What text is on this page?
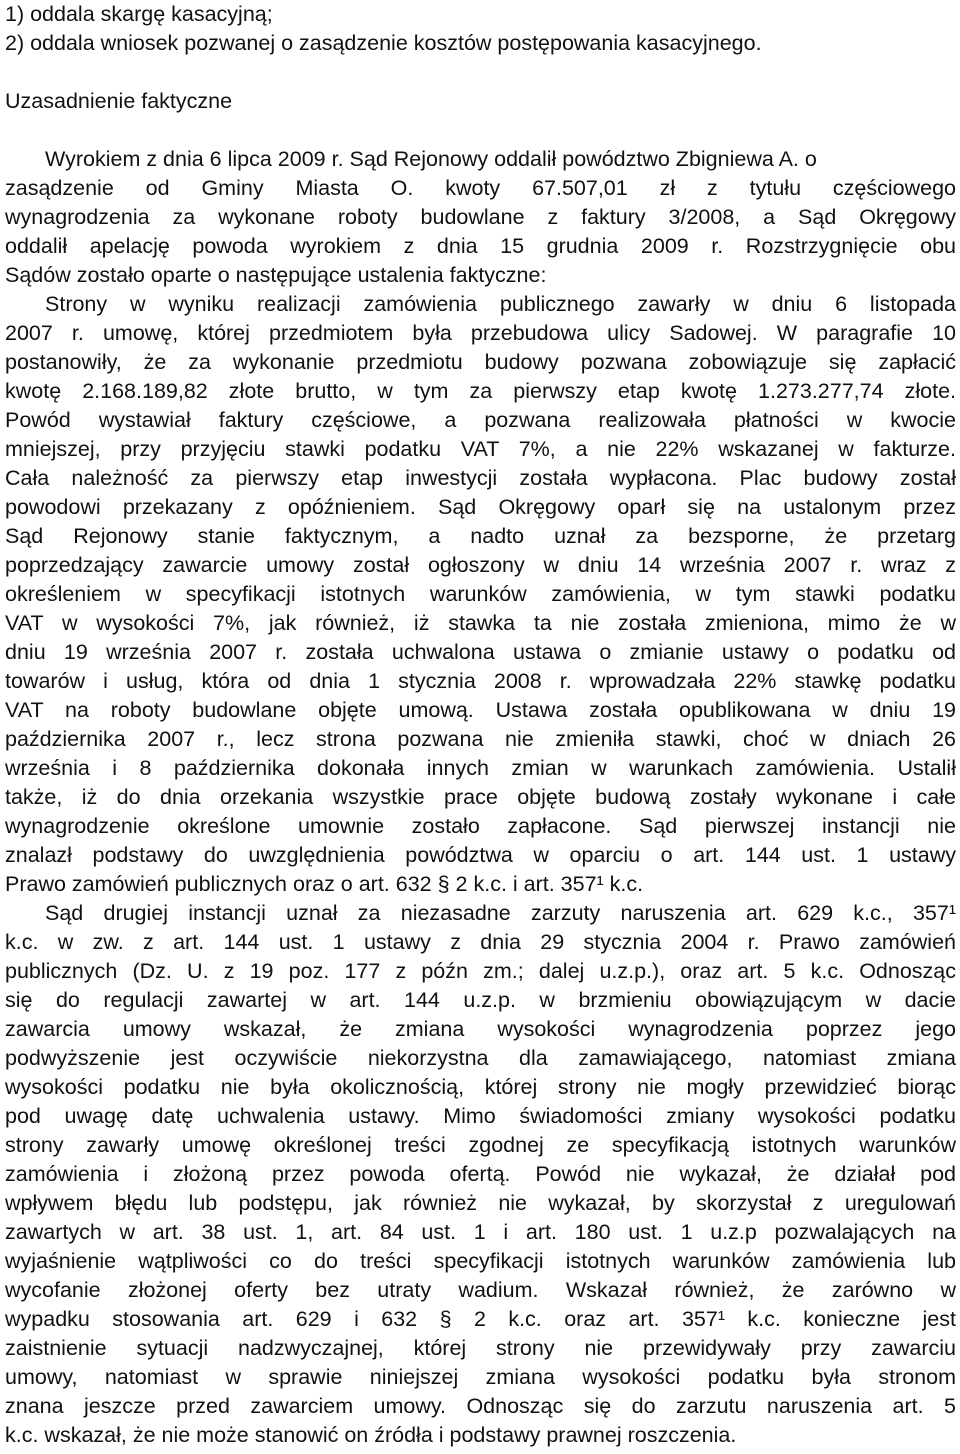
1) oddala skargę kasacyjną;
2) oddala wniosek pozwanej o zasądzenie kosztów postępowania kasacyjnego.
Uzasadnienie faktyczne
Wyrokiem z dnia 6 lipca 2009 r. Sąd Rejonowy oddalił powództwo Zbigniewa A. o
zasądzenie od Gminy Miasta O. kwoty 67.507,01 zł z tytułu częściowego
wynagrodzenia za wykonane roboty budowlane z faktury 3/2008, a Sąd Okręgowy
oddalił apelację powoda wyrokiem z dnia 15 grudnia 2009 r. Rozstrzygnięcie obu
Sądów zostało oparte o następujące ustalenia faktyczne:
Strony w wyniku realizacji zamówienia publicznego zawarły w dniu 6 listopada
2007 r. umowę, której przedmiotem była przebudowa ulicy Sadowej. W paragrafie 10
postanowiły, że za wykonanie przedmiotu budowy pozwana zobowiązuje się zapłacić
kwotę 2.168.189,82 złote brutto, w tym za pierwszy etap kwotę 1.273.277,74 złote.
Powód wystawiał faktury częściowe, a pozwana realizowała płatności w kwocie
mniejszej, przy przyjęciu stawki podatku VAT 7%, a nie 22% wskazanej w fakturze.
Cała należność za pierwszy etap inwestycji została wypłacona. Plac budowy został
powodowi przekazany z opóźnieniem. Sąd Okręgowy oparł się na ustalonym przez
Sąd Rejonowy stanie faktycznym, a nadto uznał za bezsporne, że przetarg
poprzedzający zawarcie umowy został ogłoszony w dniu 14 września 2007 r. wraz z
określeniem w specyfikacji istotnych warunków zamówienia, w tym stawki podatku
VAT w wysokości 7%, jak również, iż stawka ta nie została zmieniona, mimo że w
dniu 19 września 2007 r. została uchwalona ustawa o zmianie ustawy o podatku od
towarów i usług, która od dnia 1 stycznia 2008 r. wprowadzała 22% stawkę podatku
VAT na roboty budowlane objęte umową. Ustawa została opublikowana w dniu 19
października 2007 r., lecz strona pozwana nie zmieniła stawki, choć w dniach 26
września i 8 października dokonała innych zmian w warunkach zamówienia. Ustalił
także, iż do dnia orzekania wszystkie prace objęte budową zostały wykonane i całe
wynagrodzenie określone umownie zostało zapłacone. Sąd pierwszej instancji nie
znalazł podstawy do uwzględnienia powództwa w oparciu o art. 144 ust. 1 ustawy
Prawo zamówień publicznych oraz o art. 632 § 2 k.c. i art. 357¹ k.c.
Sąd drugiej instancji uznał za niezasadne zarzuty naruszenia art. 629 k.c., 357¹
k.c. w zw. z art. 144 ust. 1 ustawy z dnia 29 stycznia 2004 r. Prawo zamówień
publicznych (Dz. U. z 19 poz. 177 z późn zm.; dalej u.z.p.), oraz art. 5 k.c. Odnosząc
się do regulacji zawartej w art. 144 u.z.p. w brzmieniu obowiązującym w dacie
zawarcia umowy wskazał, że zmiana wysokości wynagrodzenia poprzez jego
podwyższenie jest oczywiście niekorzystna dla zamawiającego, natomiast zmiana
wysokości podatku nie była okolicznością, której strony nie mogły przewidzieć biorąc
pod uwagę datę uchwalenia ustawy. Mimo świadomości zmiany wysokości podatku
strony zawarły umowę określonej treści zgodnej ze specyfikacją istotnych warunków
zamówienia i złożoną przez powoda ofertą. Powód nie wykazał, że działał pod
wpływem błędu lub podstępu, jak również nie wykazał, by skorzystał z uregulowań
zawartych w art. 38 ust. 1, art. 84 ust. 1 i art. 180 ust. 1 u.z.p pozwalających na
wyjaśnienie wątpliwości co do treści specyfikacji istotnych warunków zamówienia lub
wycofanie złożonej oferty bez utraty wadium. Wskazał również, że zarówno w
wypadku stosowania art. 629 i 632 § 2 k.c. oraz art. 357¹ k.c. konieczne jest
zaistnienie sytuacji nadzwyczajnej, której strony nie przewidywały przy zawarciu
umowy, natomiast w sprawie niniejszej zmiana wysokości podatku była stronom
znana jeszcze przed zawarciem umowy. Odnosząc się do zarzutu naruszenia art. 5
k.c. wskazał, że nie może stanowić on źródła i podstawy prawnej roszczenia.
